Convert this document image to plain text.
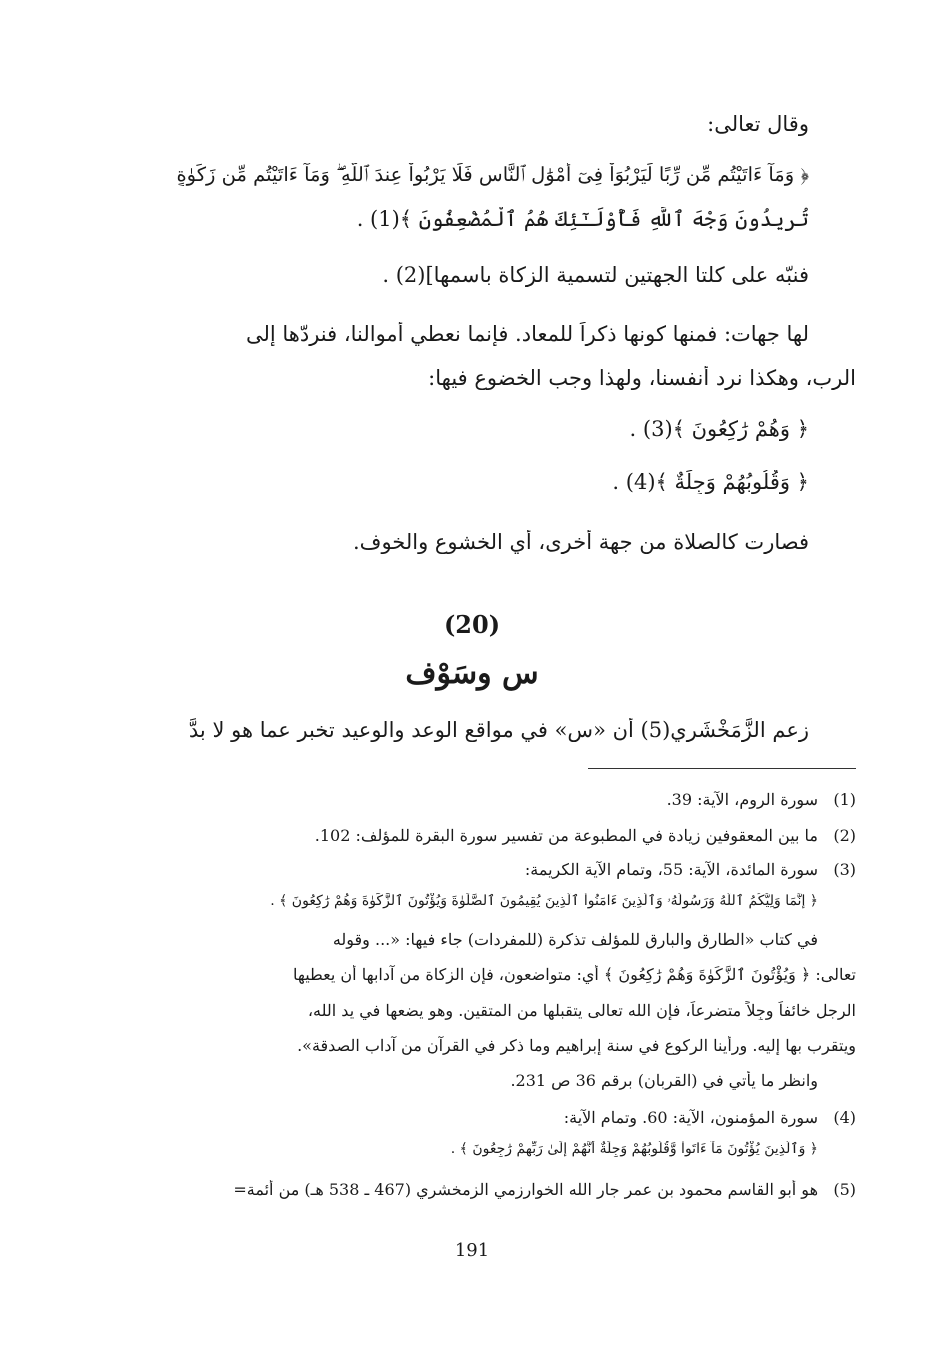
وقال تعالى:
﴿ وَمَآ ءَاتَيْتُم مِّن رِّبًا لِّيَرْبُوَاْ فِىٓ أَمْوَٰلِ ٱلنَّاسِ فَلَا يَرْبُواْ عِندَ ٱللَّهِ ۖ وَمَآ ءَاتَيْتُم مِّن زَكَوٰةٍ
تُرِيدُونَ وَجْهَ ٱللَّهِ فَأُوْلَـٰٓئِكَ هُمُ ٱلْمُضْعِفُونَ ﴾(1) .
فنبّه على كلتا الجهتين لتسمية الزكاة باسمها](2) .
لها جهات: فمنها كونها ذكراً للمعاد. فإنما نعطي أموالنا، فنردّها إلى
الرب، وهكذا نرد أنفسنا، ولهذا وجب الخضوع فيها:
﴿ وَهُمْ رَٰكِعُونَ ﴾(3) .
﴿ وَقُلُوبُهُمْ وَجِلَةٌ ﴾(4) .
فصارت كالصلاة من جهة أخرى، أي الخشوع والخوف.
(20)
س وسَوْف
زعم الزَّمَخْشَري(5) أن «س» في مواقع الوعد والوعيد تخبر عما هو لا بدَّ
(1)
سورة الروم، الآية: 39.
(2)
ما بين المعقوفين زيادة في المطبوعة من تفسير سورة البقرة للمؤلف: 102.
(3)
سورة المائدة، الآية: 55، وتمام الآية الكريمة:
﴿ إِنَّمَا وَلِيُّكُمُ ٱللَّهُ وَرَسُولُهُۥ وَٱلَّذِينَ ءَامَنُواْ ٱلَّذِينَ يُقِيمُونَ ٱلصَّلَوٰةَ وَيُؤْتُونَ ٱلزَّكَوٰةَ وَهُمْ رَٰكِعُونَ ﴾ .
في كتاب «الطارق والبارق للمؤلف تذكرة (للمفردات) جاء فيها: «... وقوله
تعالى: ﴿ وَيُؤْتُونَ ٱلزَّكَوٰةَ وَهُمْ رَٰكِعُونَ ﴾ أي: متواضعون، فإن الزكاة من آدابها أن يعطيها
الرجل خائفاً وجِلاً متضرعاً، فإن الله تعالى يتقبلها من المتقين. وهو يضعها في يد الله،
ويتقرب بها إليه. ورأينا الركوع في سنة إبراهيم وما ذكر في القرآن من آداب الصدقة».
وانظر ما يأتي في (القربان) برقم 36 ص 231.
(4)
سورة المؤمنون، الآية: 60. وتمام الآية:
﴿ وَٱلَّذِينَ يُؤْتُونَ مَآ ءَاتَواْ وَّقُلُوبُهُمْ وَجِلَةٌ أَنَّهُمْ إِلَىٰ رَبِّهِمْ رَٰجِعُونَ ﴾ .
(5)
هو أبو القاسم محمود بن عمر جار الله الخوارزمي الزمخشري (467 ـ 538 هـ) من أئمة=
191
